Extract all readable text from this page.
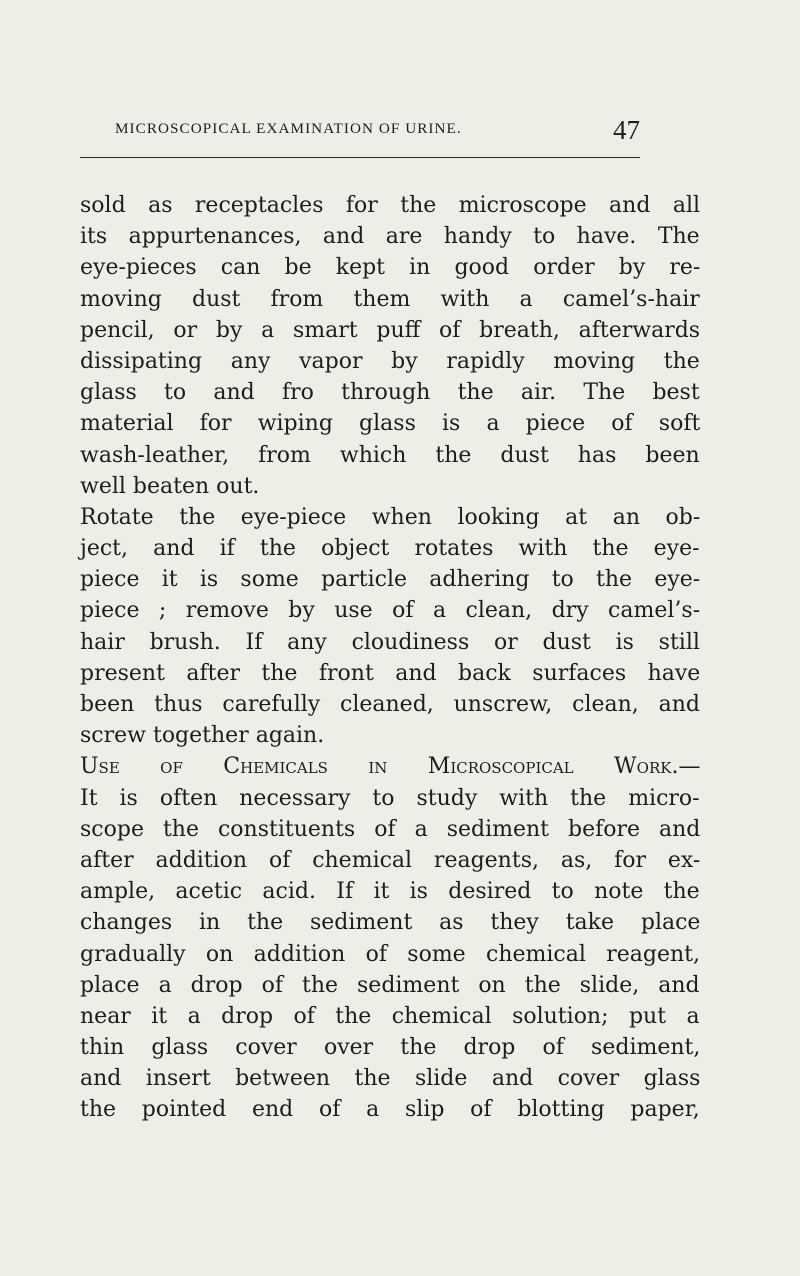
MICROSCOPICAL EXAMINATION OF URINE.	47
sold as receptacles for the microscope and all
its appurtenances, and are handy to have. The
eye-pieces can be kept in good order by re-
moving dust from them with a camel’s-hair
pencil, or by a smart puff of breath, afterwards
dissipating any vapor by rapidly moving the
glass to and fro through the air. The best
material for wiping glass is a piece of soft
wash-leather, from which the dust has been
well beaten out.
Rotate the eye-piece when looking at an ob-
ject, and if the object rotates with the eye-
piece it is some particle adhering to the eye-
piece ; remove by use of a clean, dry camel’s-
hair brush. If any cloudiness or dust is still
present after the front and back surfaces have
been thus carefully cleaned, unscrew, clean, and
screw together again.
Use of Chemicals in Microscopical Work.—
It is often necessary to study with the micro-
scope the constituents of a sediment before and
after addition of chemical reagents, as, for ex-
ample, acetic acid. If it is desired to note the
changes in the sediment as they take place
gradually on addition of some chemical reagent,
place a drop of the sediment on the slide, and
near it a drop of the chemical solution; put a
thin glass cover over the drop of sediment,
and insert between the slide and cover glass
the pointed end of a slip of blotting paper,
